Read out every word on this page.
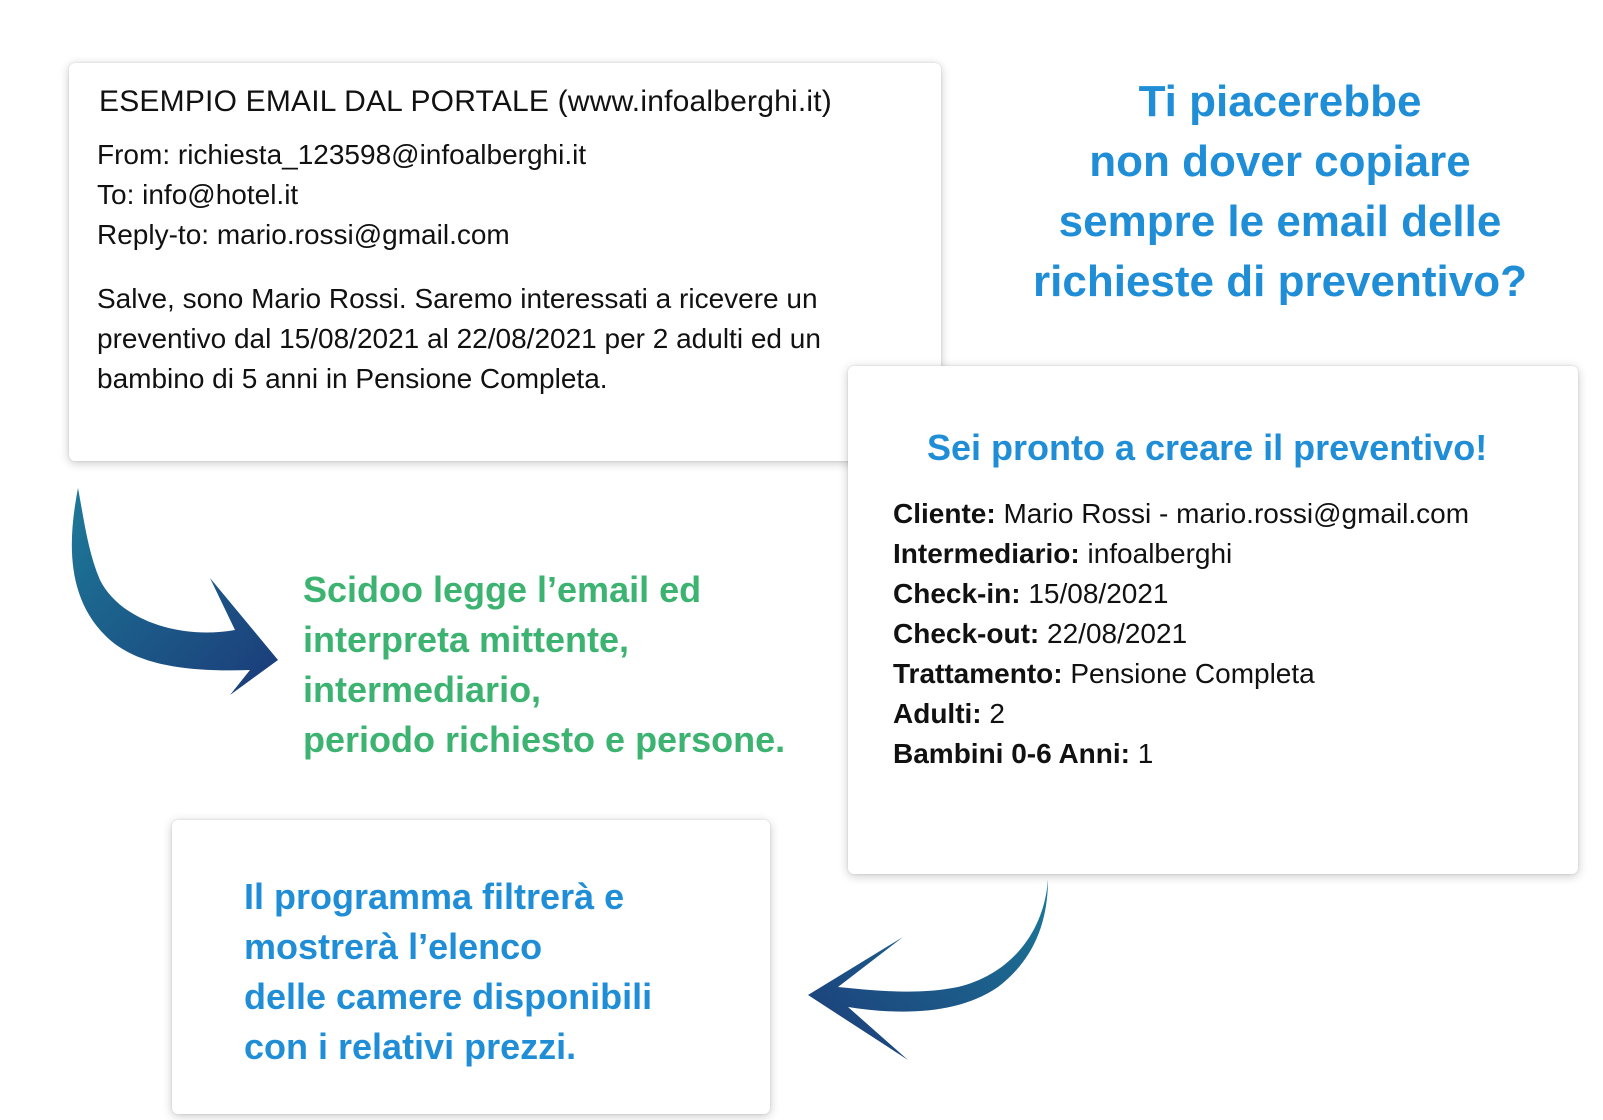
ESEMPIO EMAIL DAL PORTALE (www.infoalberghi.it)
From: richiesta_123598@infoalberghi.it
To: info@hotel.it
Reply-to: mario.rossi@gmail.com
Salve, sono Mario Rossi. Saremo interessati a ricevere un preventivo dal 15/08/2021 al 22/08/2021 per 2 adulti ed un bambino di 5 anni in Pensione Completa.
Ti piacerebbe
non dover copiare
sempre le email delle
richieste di preventivo?
Scidoo legge l’email ed
interpreta mittente,
intermediario,
periodo richiesto e persone.
Sei pronto a creare il preventivo!
Cliente: Mario Rossi - mario.rossi@gmail.com
Intermediario: infoalberghi
Check-in: 15/08/2021
Check-out: 22/08/2021
Trattamento: Pensione Completa
Adulti: 2
Bambini 0-6 Anni: 1
Il programma filtrerà e
mostrerà l’elenco
delle camere disponibili
con i relativi prezzi.
